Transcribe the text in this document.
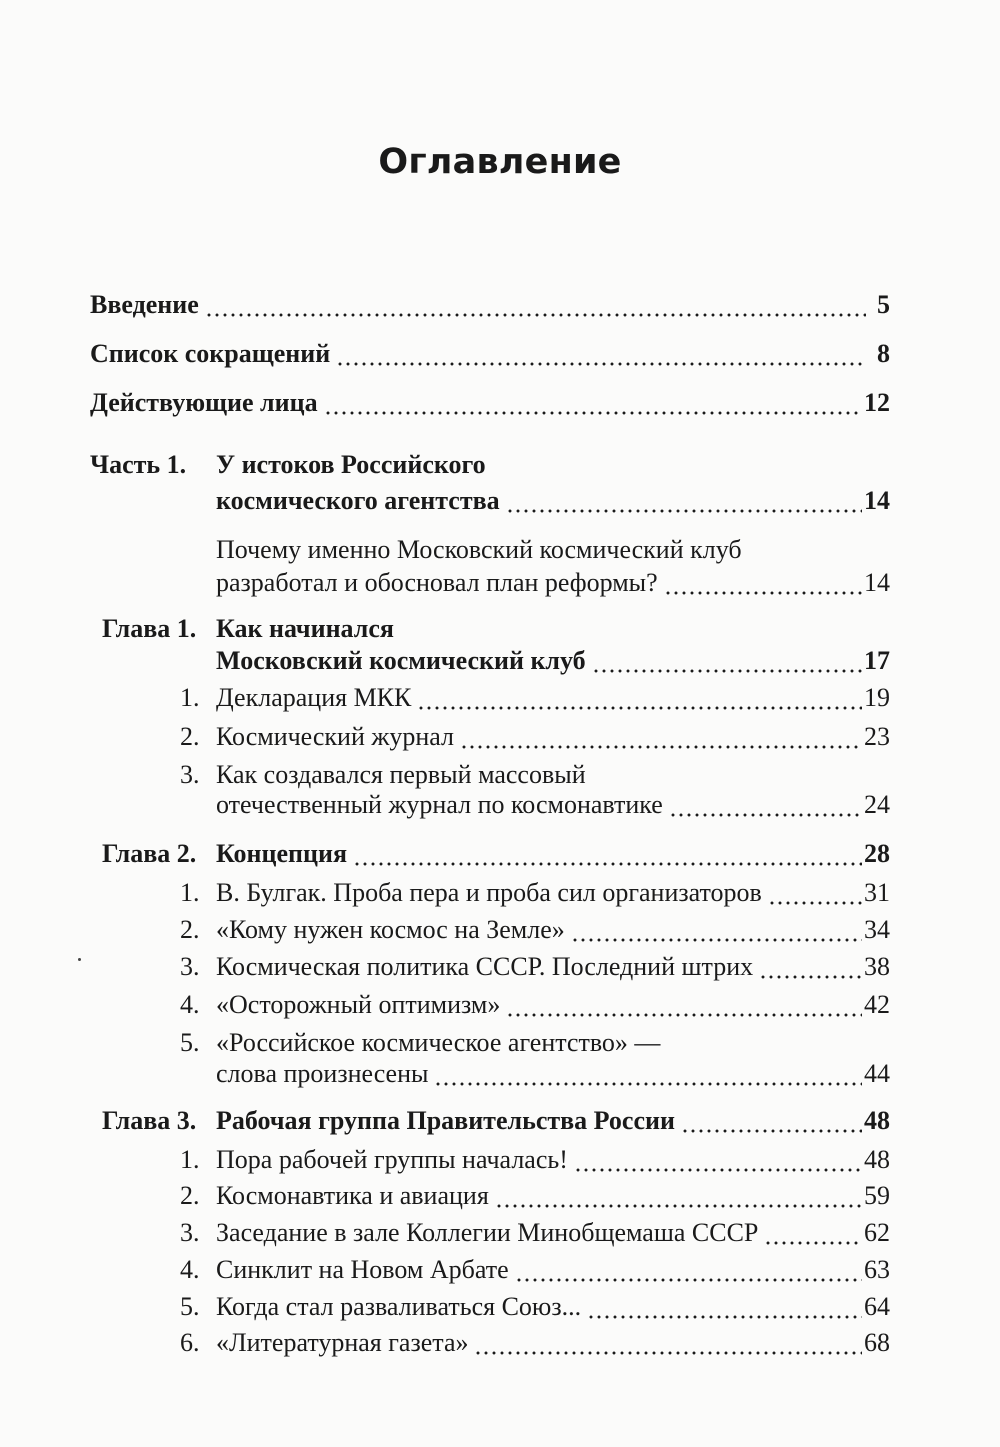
Оглавление
Введение	5
Список сокращений	8
Действующие лица	12
Часть 1. У истоков Российского
космического агентства	14
Почему именно Московский космический клуб
разработал и обосновал план реформы?	14
Глава 1. Как начинался
Московский космический клуб	17
1. Декларация МКК	19
2. Космический журнал	23
3. Как создавался первый массовый
отечественный журнал по космонавтике	24
Глава 2. Концепция	28
1. В. Булгак. Проба пера и проба сил организаторов	31
2. «Кому нужен космос на Земле»	34
3. Космическая политика СССР. Последний штрих	38
4. «Осторожный оптимизм»	42
5. «Российское космическое агентство» —
слова произнесены	44
Глава 3. Рабочая группа Правительства России	48
1. Пора рабочей группы началась!	48
2. Космонавтика и авиация	59
3. Заседание в зале Коллегии Минобщемаша СССР	62
4. Синклит на Новом Арбате	63
5. Когда стал разваливаться Союз...	64
6. «Литературная газета»	68
